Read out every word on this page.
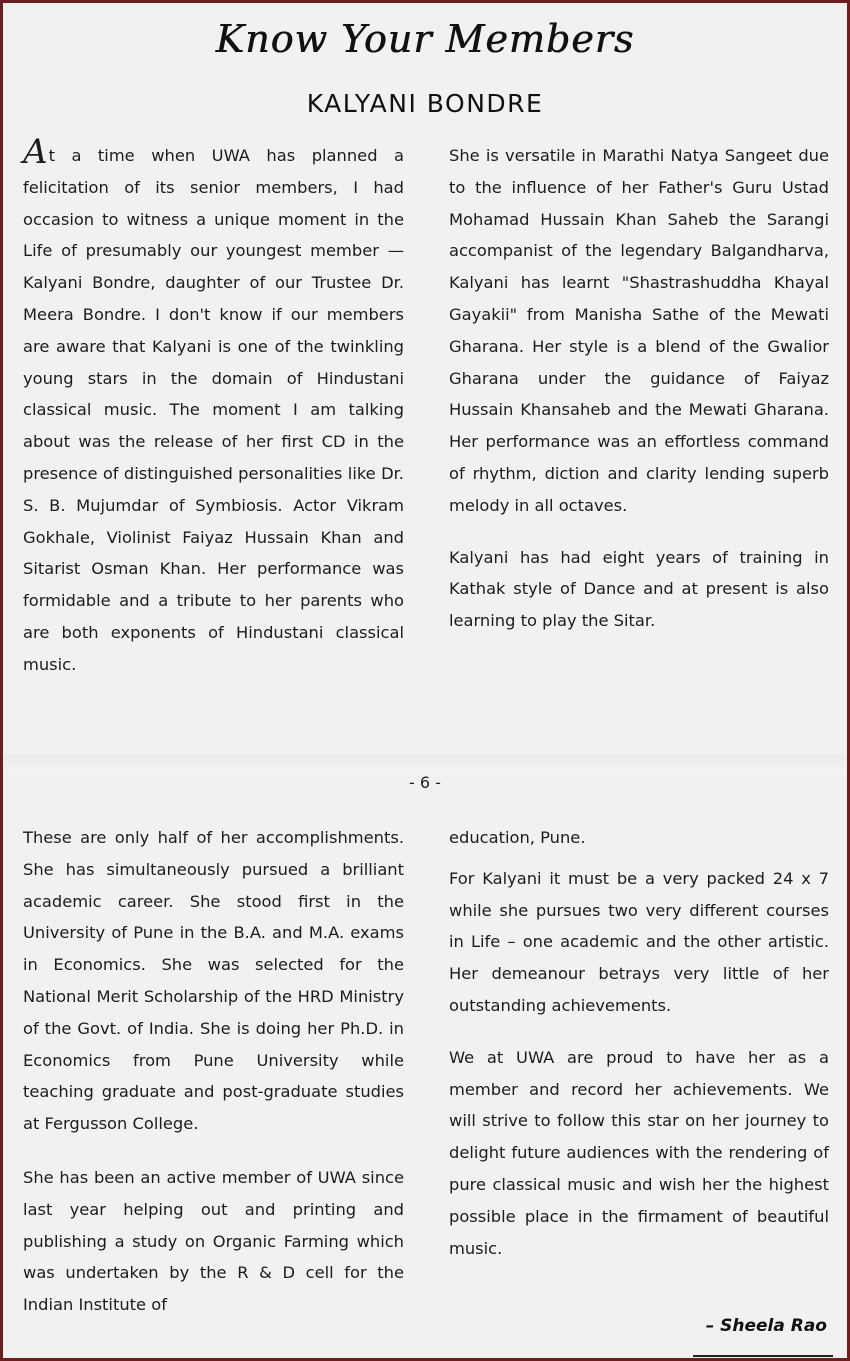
Know Your Members
KALYANI BONDRE

At a time when UWA has planned a felicitation of its senior members, I had occasion to witness a unique moment in the Life of presumably our youngest member — Kalyani Bondre, daughter of our Trustee Dr. Meera Bondre. I don't know if our members are aware that Kalyani is one of the twinkling young stars in the domain of Hindustani classical music. The moment I am talking about was the release of her first CD in the presence of distinguished personalities like Dr. S. B. Mujumdar of Symbiosis. Actor Vikram Gokhale, Violinist Faiyaz Hussain Khan and Sitarist Osman Khan. Her performance was formidable and a tribute to her parents who are both exponents of Hindustani classical music.

She is versatile in Marathi Natya Sangeet due to the influence of her Father's Guru Ustad Mohamad Hussain Khan Saheb the Sarangi accompanist of the legendary Balgandharva, Kalyani has learnt "Shastrashuddha Khayal Gayakii" from Manisha Sathe of the Mewati Gharana. Her style is a blend of the Gwalior Gharana under the guidance of Faiyaz Hussain Khansaheb and the Mewati Gharana. Her performance was an effortless command of rhythm, diction and clarity lending superb melody in all octaves.

Kalyani has had eight years of training in Kathak style of Dance and at present is also learning to play the Sitar.

- 6 -

These are only half of her accomplishments. She has simultaneously pursued a brilliant academic career. She stood first in the University of Pune in the B.A. and M.A. exams in Economics. She was selected for the National Merit Scholarship of the HRD Ministry of the Govt. of India. She is doing her Ph.D. in Economics from Pune University while teaching graduate and post-graduate studies at Fergusson College.

She has been an active member of UWA since last year helping out and printing and publishing a study on Organic Farming which was undertaken by the R & D cell for the Indian Institute of

education, Pune.

For Kalyani it must be a very packed 24 x 7 while she pursues two very different courses in Life – one academic and the other artistic. Her demeanour betrays very little of her outstanding achievements.

We at UWA are proud to have her as a member and record her achievements. We will strive to follow this star on her journey to delight future audiences with the rendering of pure classical music and wish her the highest possible place in the firmament of beautiful music.

– Sheela Rao
